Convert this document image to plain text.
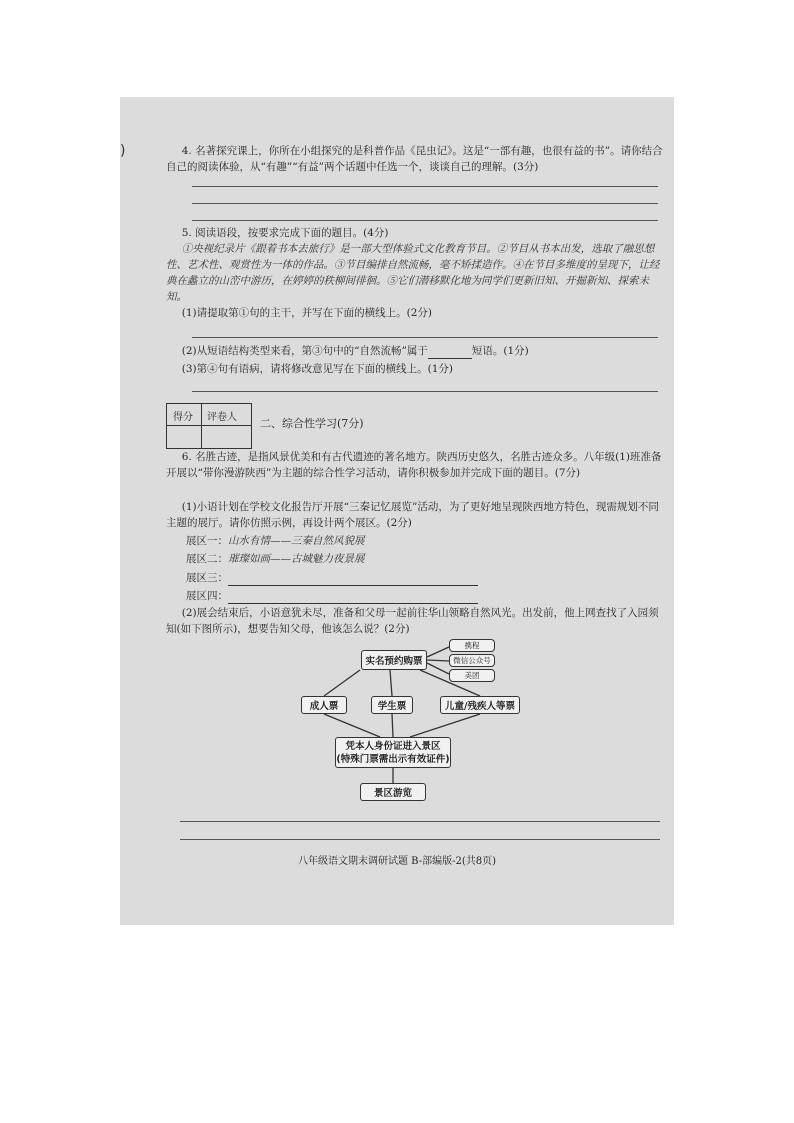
)	4. 名著探究课上，你所在小组探究的是科普作品《昆虫记》。这是“一部有趣，也很有益的书”。请你结合自己的阅读体验，从“有趣”“有益”两个话题中任选一个，谈谈自己的理解。(3分)
5. 阅读语段，按要求完成下面的题目。(4分)
①央视纪录片《跟着书本去旅行》是一部大型体验式文化教育节目。②节目从书本出发，选取了融思想性、艺术性、观赏性为一体的作品。③节目编排自然流畅，毫不矫揉造作。④在节目多维度的呈现下，让经典在蠡立的山峦中游历，在婷婷的秩柳间徘徊。⑤它们潜移默化地为同学们更新旧知、开掘新知、探索未知。
(1)请提取第①句的主干，并写在下面的横线上。(2分)
(2)从短语结构类型来看，第③句中的“自然流畅”属于	短语。(1分)
(3)第④句有语病，请将修改意见写在下面的横线上。(1分)
得分 评卷人 二、综合性学习(7分)
6. 名胜古迹，是指风景优美和有古代遗迹的著名地方。陕西历史悠久，名胜古迹众多。八年级(1)班准备开展以“带你漫游陕西”为主题的综合性学习活动，请你积极参加并完成下面的题目。(7分)
(1)小语计划在学校文化报告厅开展“三秦记忆展览”活动，为了更好地呈现陕西地方特色，现需规划不同主题的展厅。请你仿照示例，再设计两个展区。(2分)
展区一：山水有情——三秦自然风貌展
展区二：璀璨如画——古城魅力夜景展
展区三：
展区四：
(2)展会结束后，小语意犹未尽，准备和父母一起前往华山领略自然风光。出发前，他上网查找了入园须知(如下图所示)，想要告知父母，他该怎么说？(2分)
实名预约购票
携程
微信公众号
美团
成人票	学生票	儿童/残疾人等票
凭本人身份证进入景区
(特殊门票需出示有效证件)
景区游览
八年级语文期末调研试题 B-部编版-2(共8页)
